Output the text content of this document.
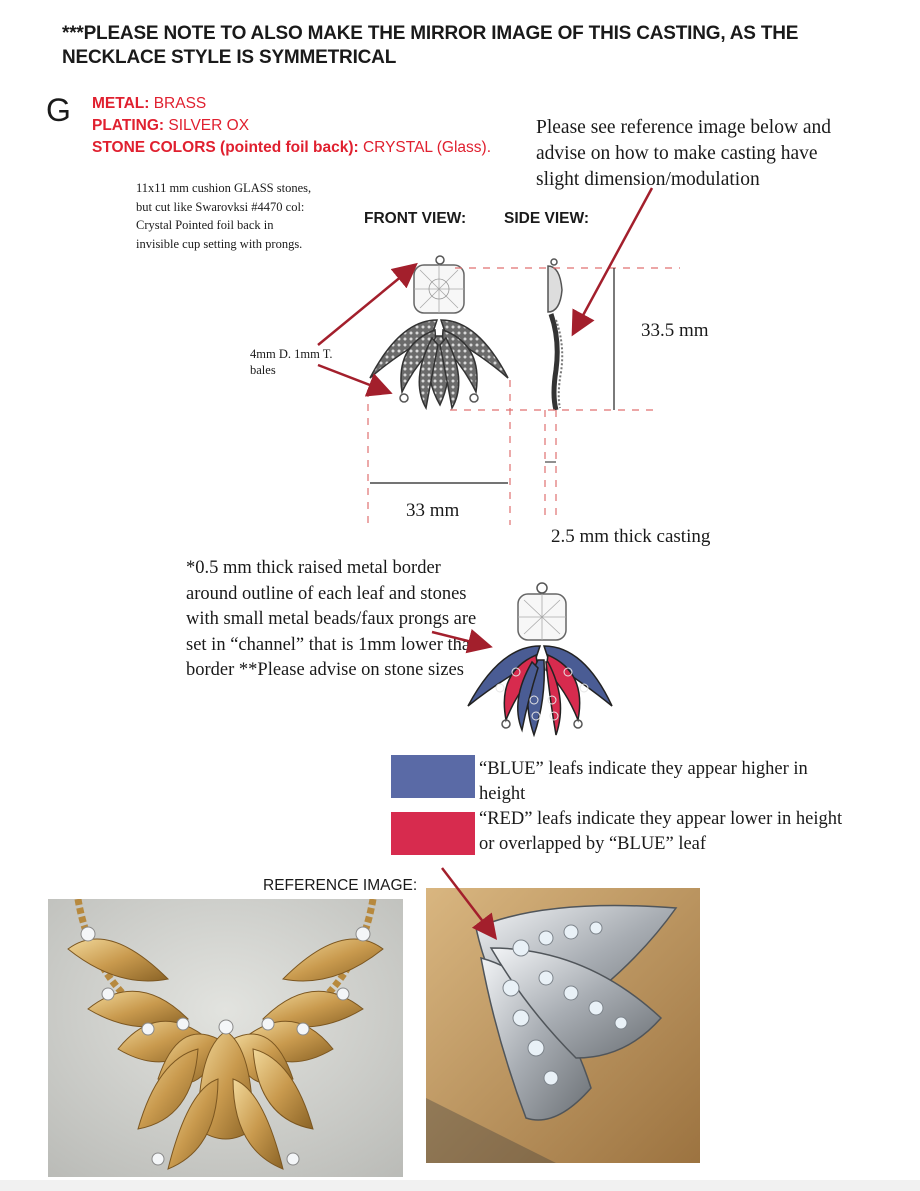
***PLEASE NOTE TO ALSO MAKE THE MIRROR IMAGE OF THIS CASTING, AS THE NECKLACE STYLE IS SYMMETRICAL
G METAL: BRASS
PLATING: SILVER OX
STONE COLORS (pointed foil back): CRYSTAL (Glass).
11x11 mm cushion GLASS stones, but cut like Swarovksi #4470 col: Crystal Pointed foil back in invisible cup setting with prongs.
Please see reference image below and advise on how to make casting have slight dimension/modulation
FRONT VIEW: SIDE VIEW:
4mm D. 1mm T. bales
33.5 mm
33 mm
2.5 mm thick casting
*0.5 mm thick raised metal border around outline of each leaf and stones with small metal beads/faux prongs are set in “channel” that is 1mm lower than border **Please advise on stone sizes
“BLUE” leafs indicate they appear higher in height
“RED” leafs indicate they appear lower in height or overlapped by “BLUE” leaf
REFERENCE IMAGE:
